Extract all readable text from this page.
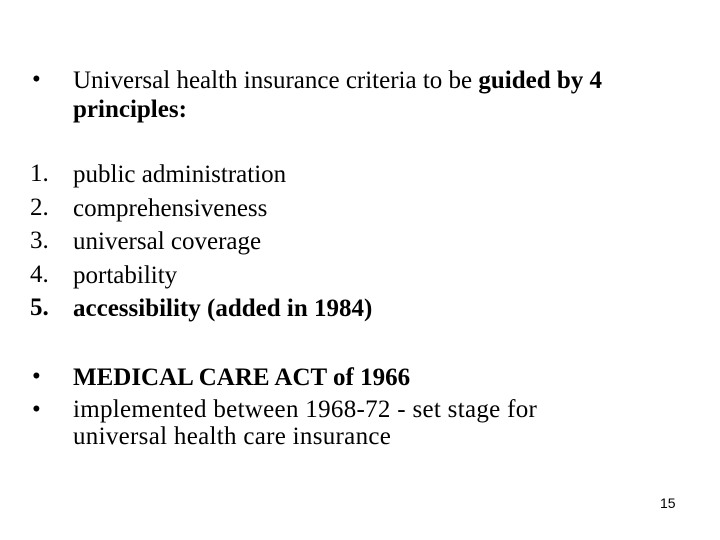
• Universal health insurance criteria to be guided by 4 principles:
1. public administration
2. comprehensiveness
3. universal coverage
4. portability
5. accessibility (added in 1984)
• MEDICAL CARE ACT of 1966
• implemented between 1968-72 - set stage for universal health care insurance
15
